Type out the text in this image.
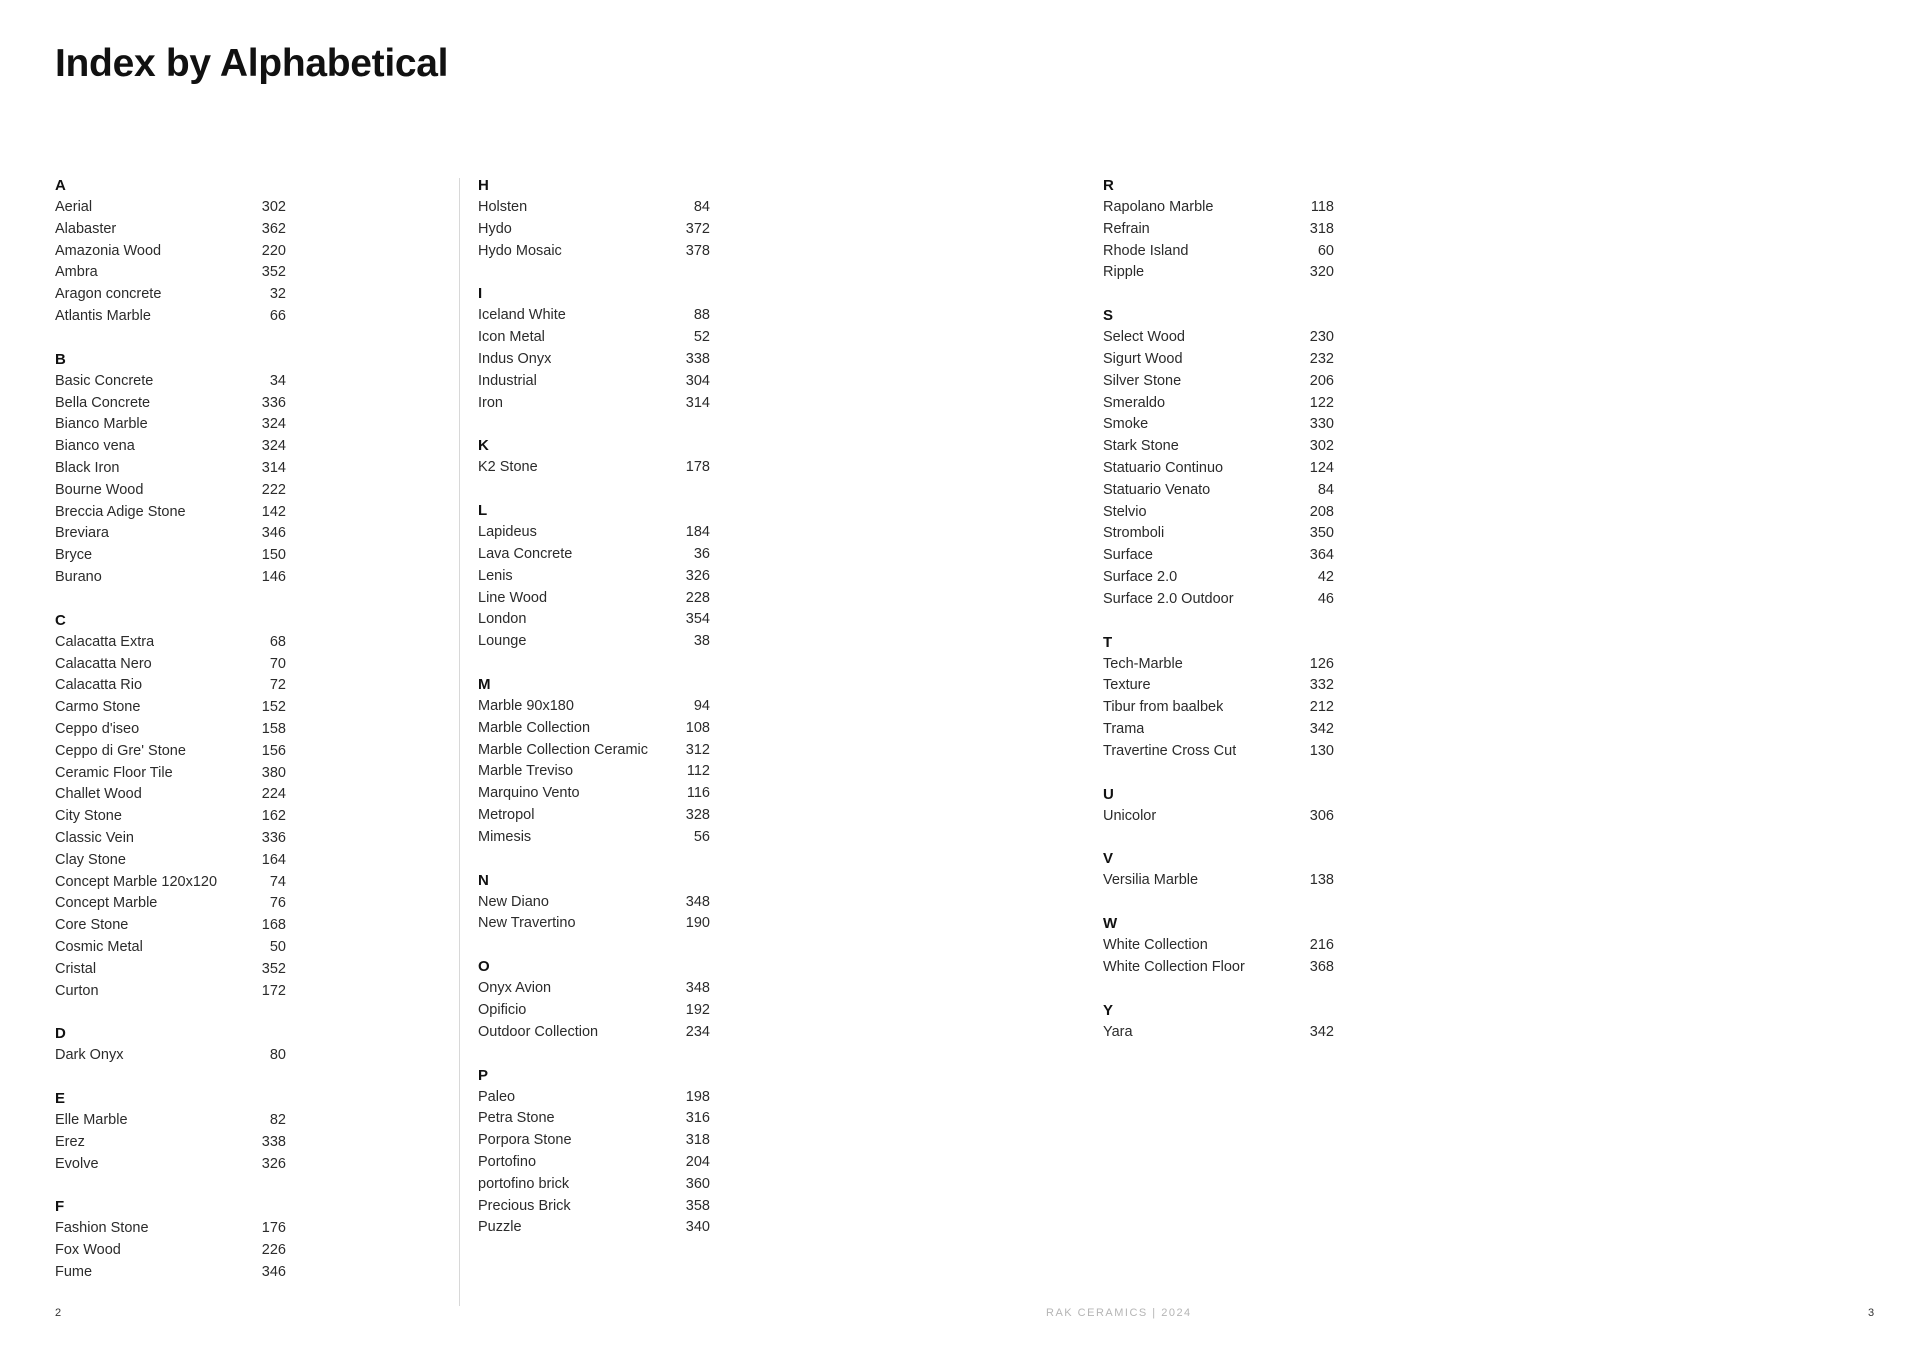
Index by Alphabetical
A
Aerial	302
Alabaster	362
Amazonia Wood	220
Ambra	352
Aragon concrete	32
Atlantis Marble	66
B
Basic Concrete	34
Bella Concrete	336
Bianco Marble	324
Bianco vena	324
Black Iron	314
Bourne Wood	222
Breccia Adige Stone	142
Breviara	346
Bryce	150
Burano	146
C
Calacatta Extra	68
Calacatta Nero	70
Calacatta Rio	72
Carmo Stone	152
Ceppo d'iseo	158
Ceppo di Gre' Stone	156
Ceramic Floor Tile	380
Challet Wood	224
City Stone	162
Classic Vein	336
Clay Stone	164
Concept Marble 120x120	74
Concept Marble	76
Core Stone	168
Cosmic Metal	50
Cristal	352
Curton	172
D
Dark Onyx	80
E
Elle Marble	82
Erez	338
Evolve	326
F
Fashion Stone	176
Fox Wood	226
Fume	346
H
Holsten	84
Hydo	372
Hydo Mosaic	378
I
Iceland White	88
Icon Metal	52
Indus Onyx	338
Industrial	304
Iron	314
K
K2 Stone	178
L
Lapideus	184
Lava Concrete	36
Lenis	326
Line Wood	228
London	354
Lounge	38
M
Marble 90x180	94
Marble Collection	108
Marble Collection Ceramic	312
Marble Treviso	112
Marquino Vento	116
Metropol	328
Mimesis	56
N
New Diano	348
New Travertino	190
O
Onyx Avion	348
Opificio	192
Outdoor Collection	234
P
Paleo	198
Petra Stone	316
Porpora Stone	318
Portofino	204
portofino brick	360
Precious Brick	358
Puzzle	340
R
Rapolano Marble	118
Refrain	318
Rhode Island	60
Ripple	320
S
Select Wood	230
Sigurt Wood	232
Silver Stone	206
Smeraldo	122
Smoke	330
Stark Stone	302
Statuario Continuo	124
Statuario Venato	84
Stelvio	208
Stromboli	350
Surface	364
Surface 2.0	42
Surface 2.0 Outdoor	46
T
Tech-Marble	126
Texture	332
Tibur from baalbek	212
Trama	342
Travertine Cross Cut	130
U
Unicolor	306
V
Versilia Marble	138
W
White Collection	216
White Collection Floor	368
Y
Yara	342
2	RAK CERAMICS | 2024	3
